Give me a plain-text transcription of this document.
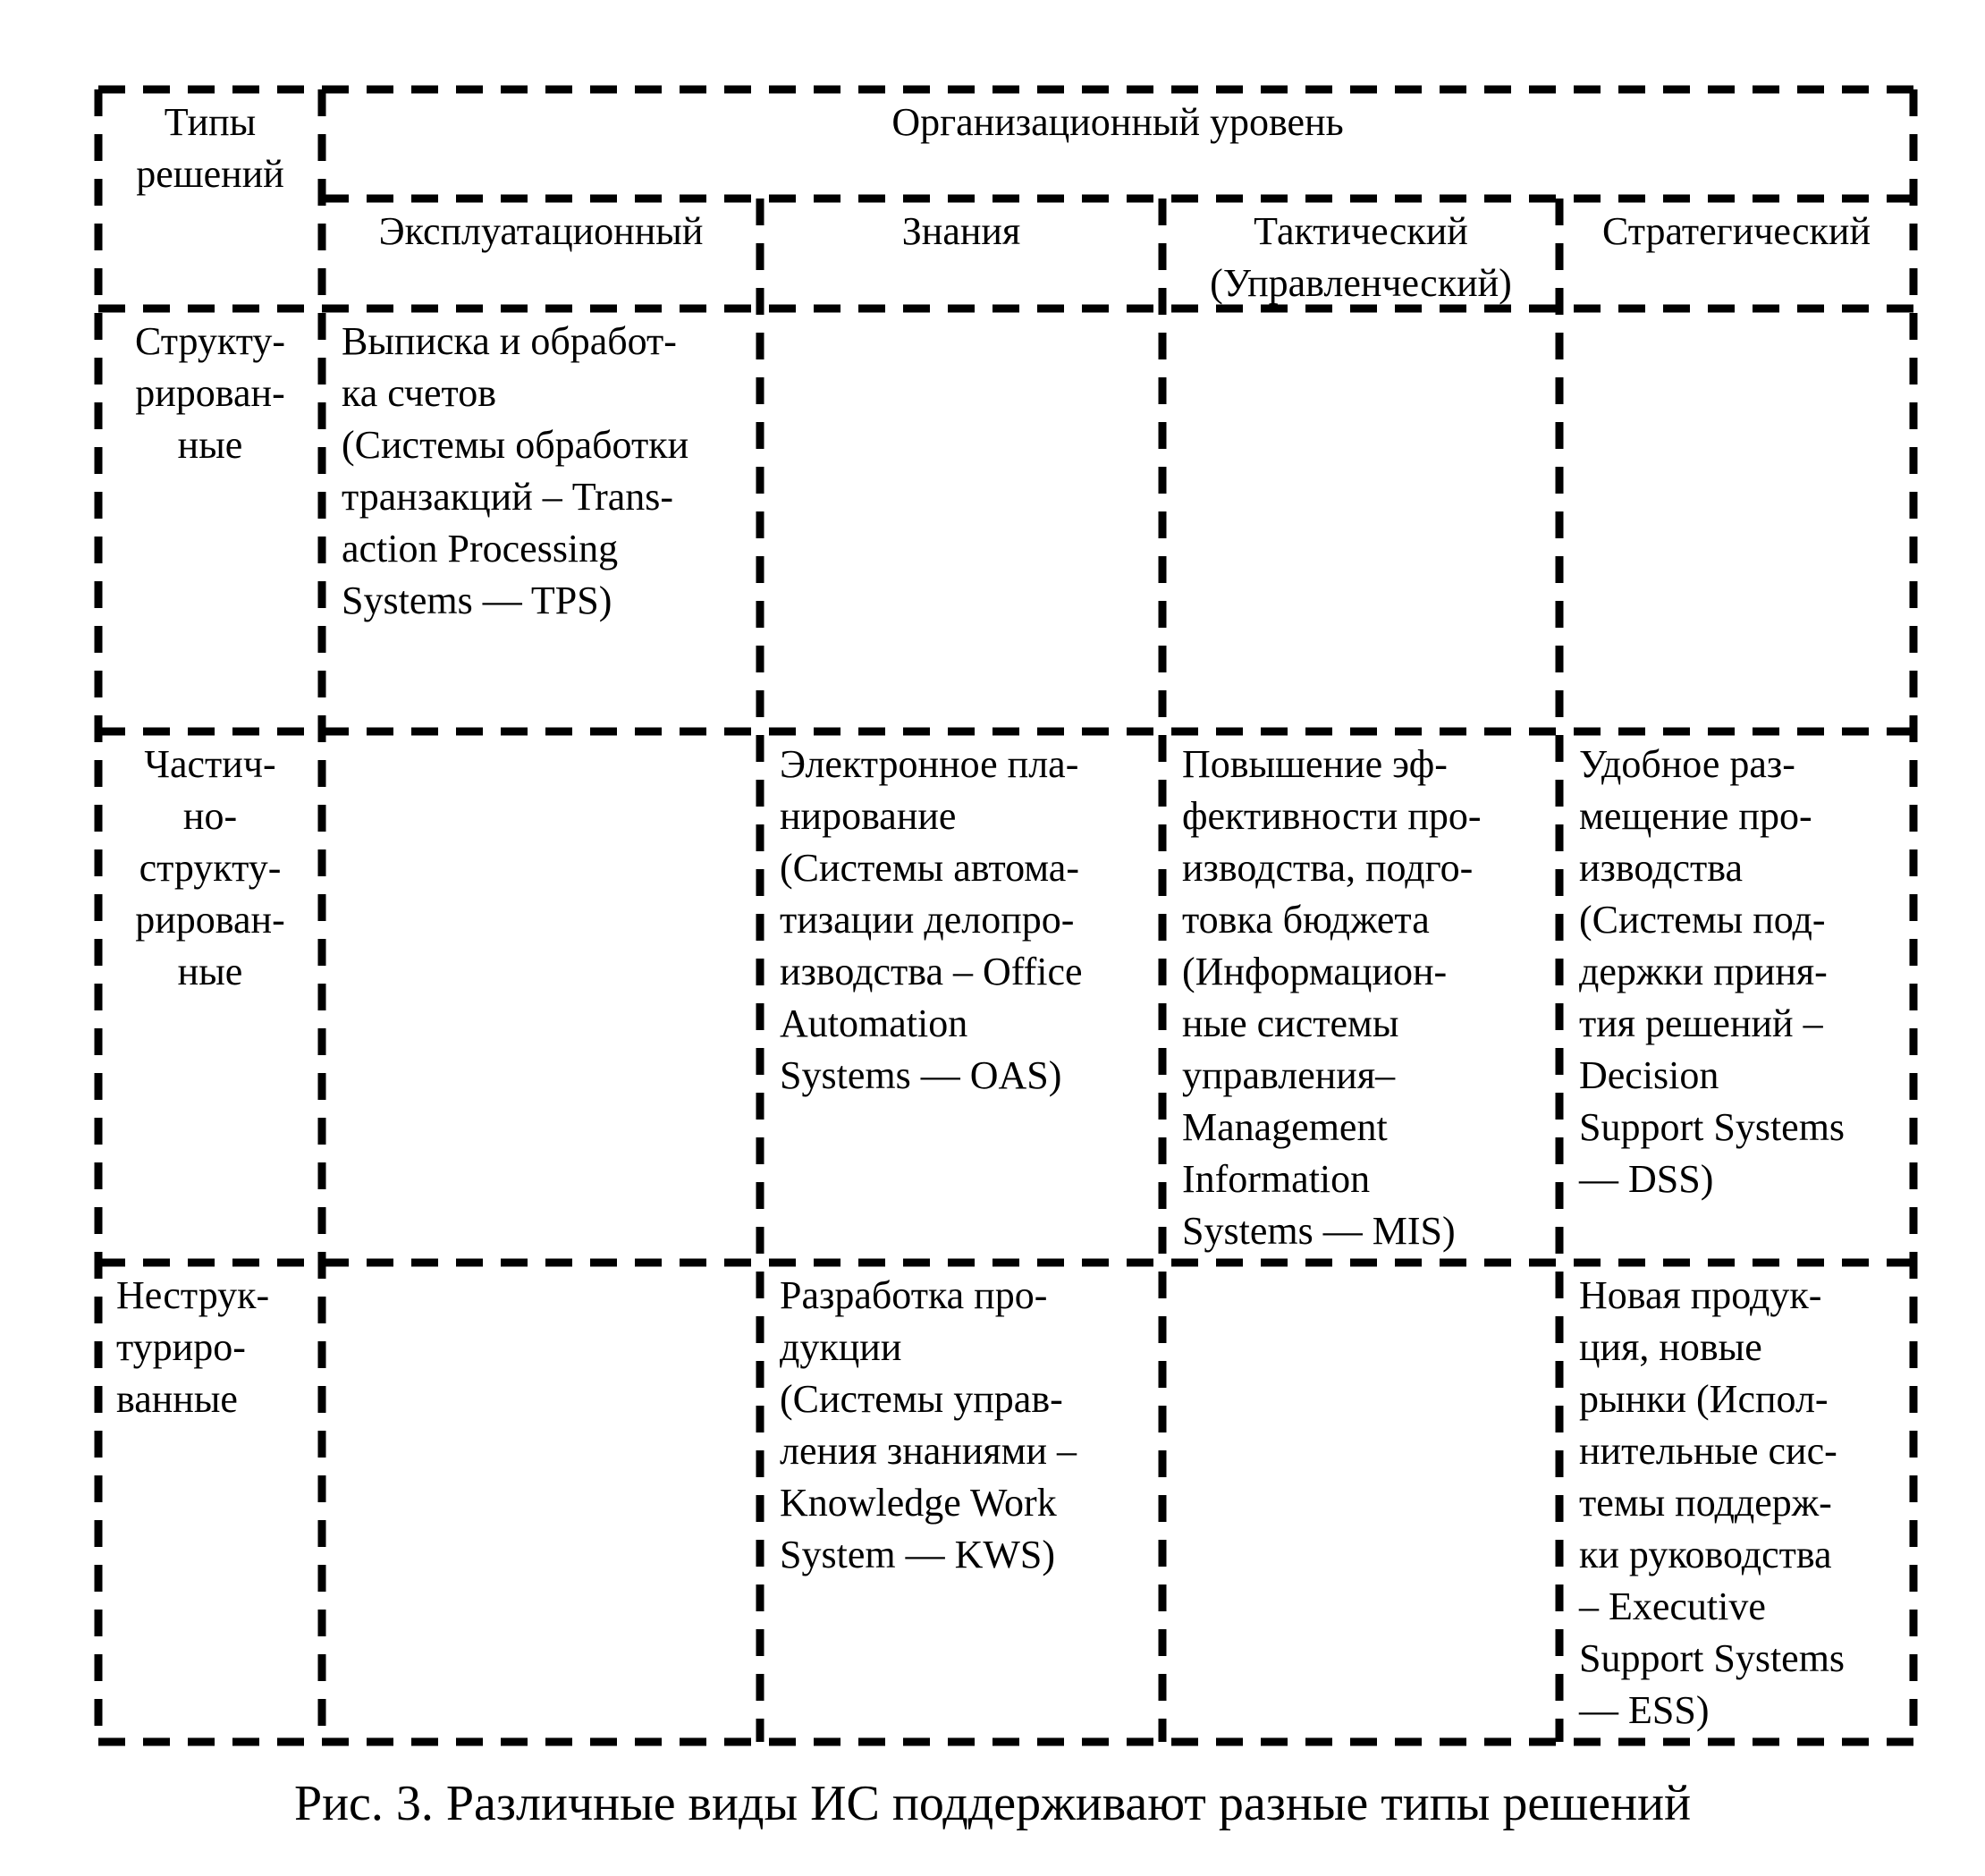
Типы
решений
Организационный уровень
Эксплуатационный	Знания	Тактический
(Управленческий)
Стратегический
Структу-
рирован-
ные
Выписка и обработ-
ка счетов
(Системы обработки
транзакций – Trans-
action Processing
Systems — TPS)
Частич-
но-
структу-
рирован-
ные
Электронное пла-
нирование
(Системы автома-
тизации делопро-
изводства – Office
Automation
Systems — OAS)
Повышение эф-
фективности про-
изводства, подго-
товка бюджета
(Информацион-
ные системы
управления–
Management
Information
Systems — MIS)
Удобное раз-
мещение про-
изводства
(Системы под-
держки приня-
тия решений –
Decision
Support Systems
— DSS)
Неструк-
туриро-
ванные
Разработка про-
дукции
(Системы управ-
ления знаниями –
Knowledge Work
System — KWS)
Новая продук-
ция, новые
рынки (Испол-
нительные сис-
темы поддерж-
ки руководства
– Executive
Support Systems
— ESS)
Рис. 3. Различные виды ИС поддерживают разные типы решений
